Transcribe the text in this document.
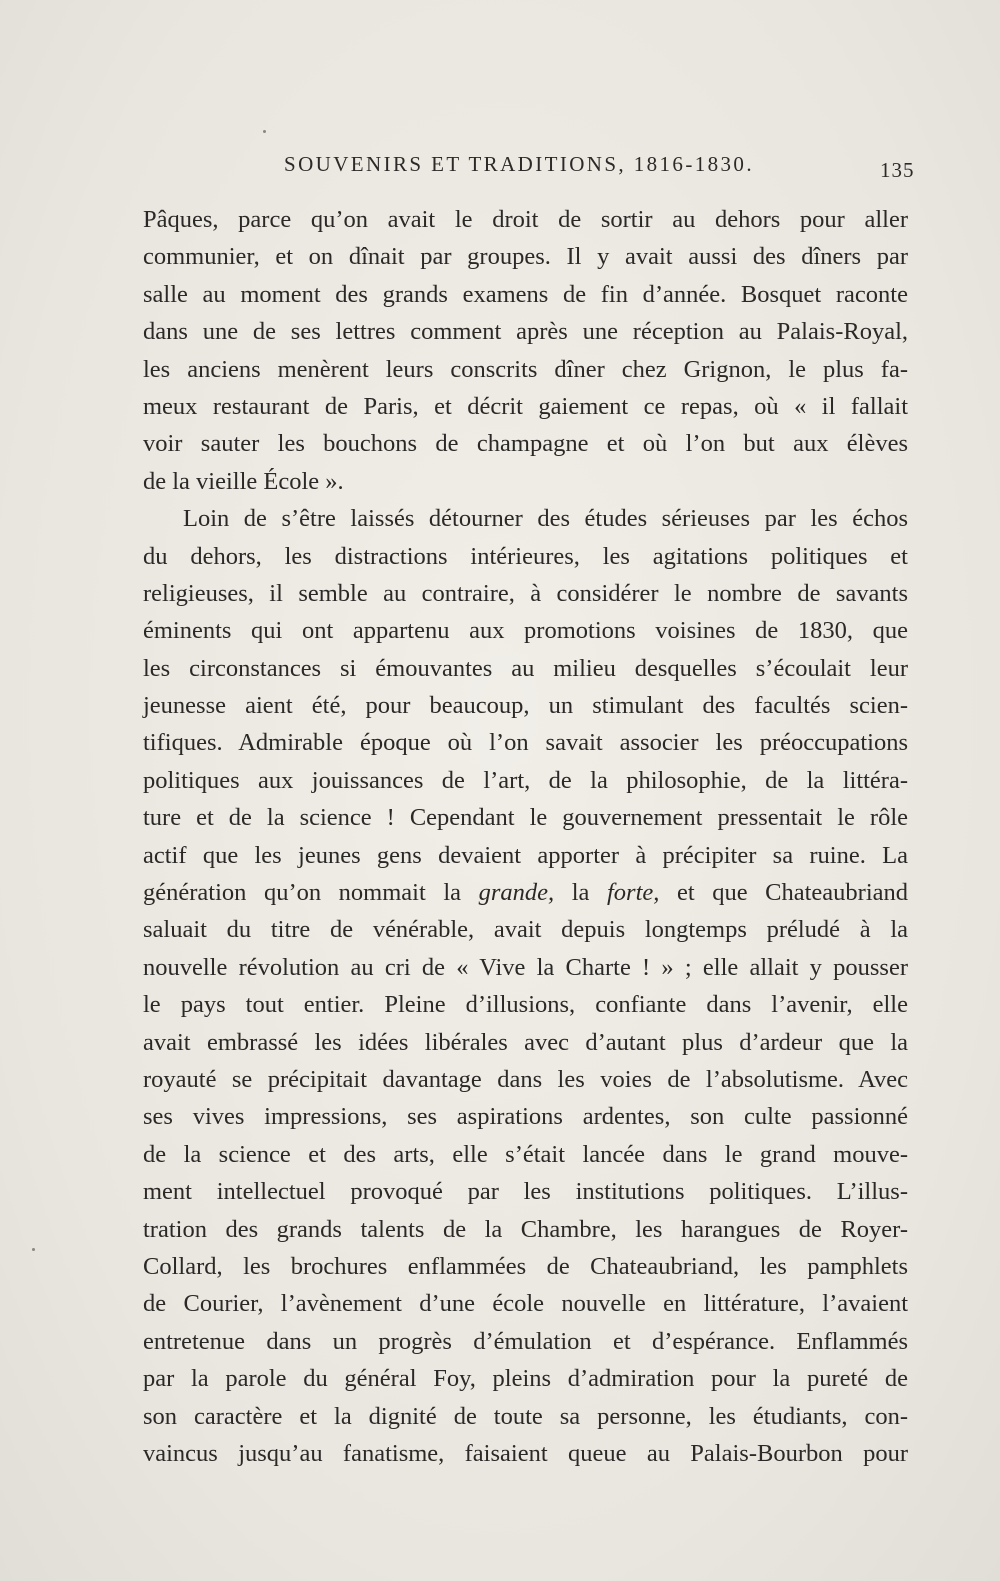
SOUVENIRS ET TRADITIONS, 1816-1830.	135
Pâques, parce qu’on avait le droit de sortir au dehors pour aller
communier, et on dînait par groupes. Il y avait aussi des dîners par
salle au moment des grands examens de fin d’année. Bosquet raconte
dans une de ses lettres comment après une réception au Palais-Royal,
les anciens menèrent leurs conscrits dîner chez Grignon, le plus fa-
meux restaurant de Paris, et décrit gaiement ce repas, où « il fallait
voir sauter les bouchons de champagne et où l’on but aux élèves
de la vieille École ».
Loin de s’être laissés détourner des études sérieuses par les échos
du dehors, les distractions intérieures, les agitations politiques et
religieuses, il semble au contraire, à considérer le nombre de savants
éminents qui ont appartenu aux promotions voisines de 1830, que
les circonstances si émouvantes au milieu desquelles s’écoulait leur
jeunesse aient été, pour beaucoup, un stimulant des facultés scien-
tifiques. Admirable époque où l’on savait associer les préoccupations
politiques aux jouissances de l’art, de la philosophie, de la littéra-
ture et de la science ! Cependant le gouvernement pressentait le rôle
actif que les jeunes gens devaient apporter à précipiter sa ruine. La
génération qu’on nommait la grande, la forte, et que Chateaubriand
saluait du titre de vénérable, avait depuis longtemps préludé à la
nouvelle révolution au cri de « Vive la Charte ! » ; elle allait y pousser
le pays tout entier. Pleine d’illusions, confiante dans l’avenir, elle
avait embrassé les idées libérales avec d’autant plus d’ardeur que la
royauté se précipitait davantage dans les voies de l’absolutisme. Avec
ses vives impressions, ses aspirations ardentes, son culte passionné
de la science et des arts, elle s’était lancée dans le grand mouve-
ment intellectuel provoqué par les institutions politiques. L’illus-
tration des grands talents de la Chambre, les harangues de Royer-
Collard, les brochures enflammées de Chateaubriand, les pamphlets
de Courier, l’avènement d’une école nouvelle en littérature, l’avaient
entretenue dans un progrès d’émulation et d’espérance. Enflammés
par la parole du général Foy, pleins d’admiration pour la pureté de
son caractère et la dignité de toute sa personne, les étudiants, con-
vaincus jusqu’au fanatisme, faisaient queue au Palais-Bourbon pour
